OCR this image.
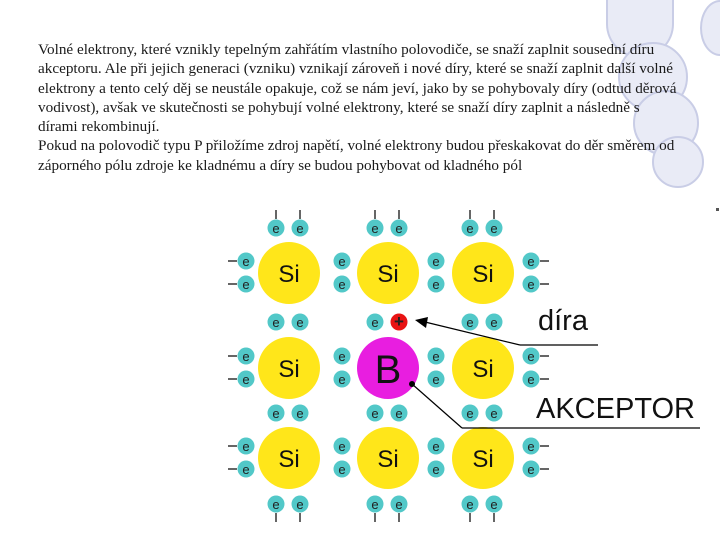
Volné elektrony, které vznikly tepelným zahřátím vlastního polovodiče, se snaží zaplnit sousední díru akceptoru. Ale při jejich generaci (vzniku) vznikají zároveň i nové díry, které se snaží zaplnit další volné elektrony a tento celý děj se neustále opakuje, což se nám jeví, jako by se pohybovaly díry (odtud děrová vodivost), avšak ve skutečnosti se pohybují volné elektrony, které se snaží díry zaplnit a následně s dírami rekombinují.

Pokud na polovodič typu P přiložíme zdroj napětí, volné elektrony budou přeskakovat do děr směrem od záporného pólu zdroje ke kladnému a díry se budou pohybovat od kladného pól

e e	e e	e e
e e	e +	e e
e e	e e	e e
e e	e e	e e
e
e
e
e
e
e
e
e
e
e
e
e
e
e
e
e
e
e
e
e
e
e
e
e
Si	Si	Si
Si B	Si
Si	Si	Si
díra
AKCEPTOR
